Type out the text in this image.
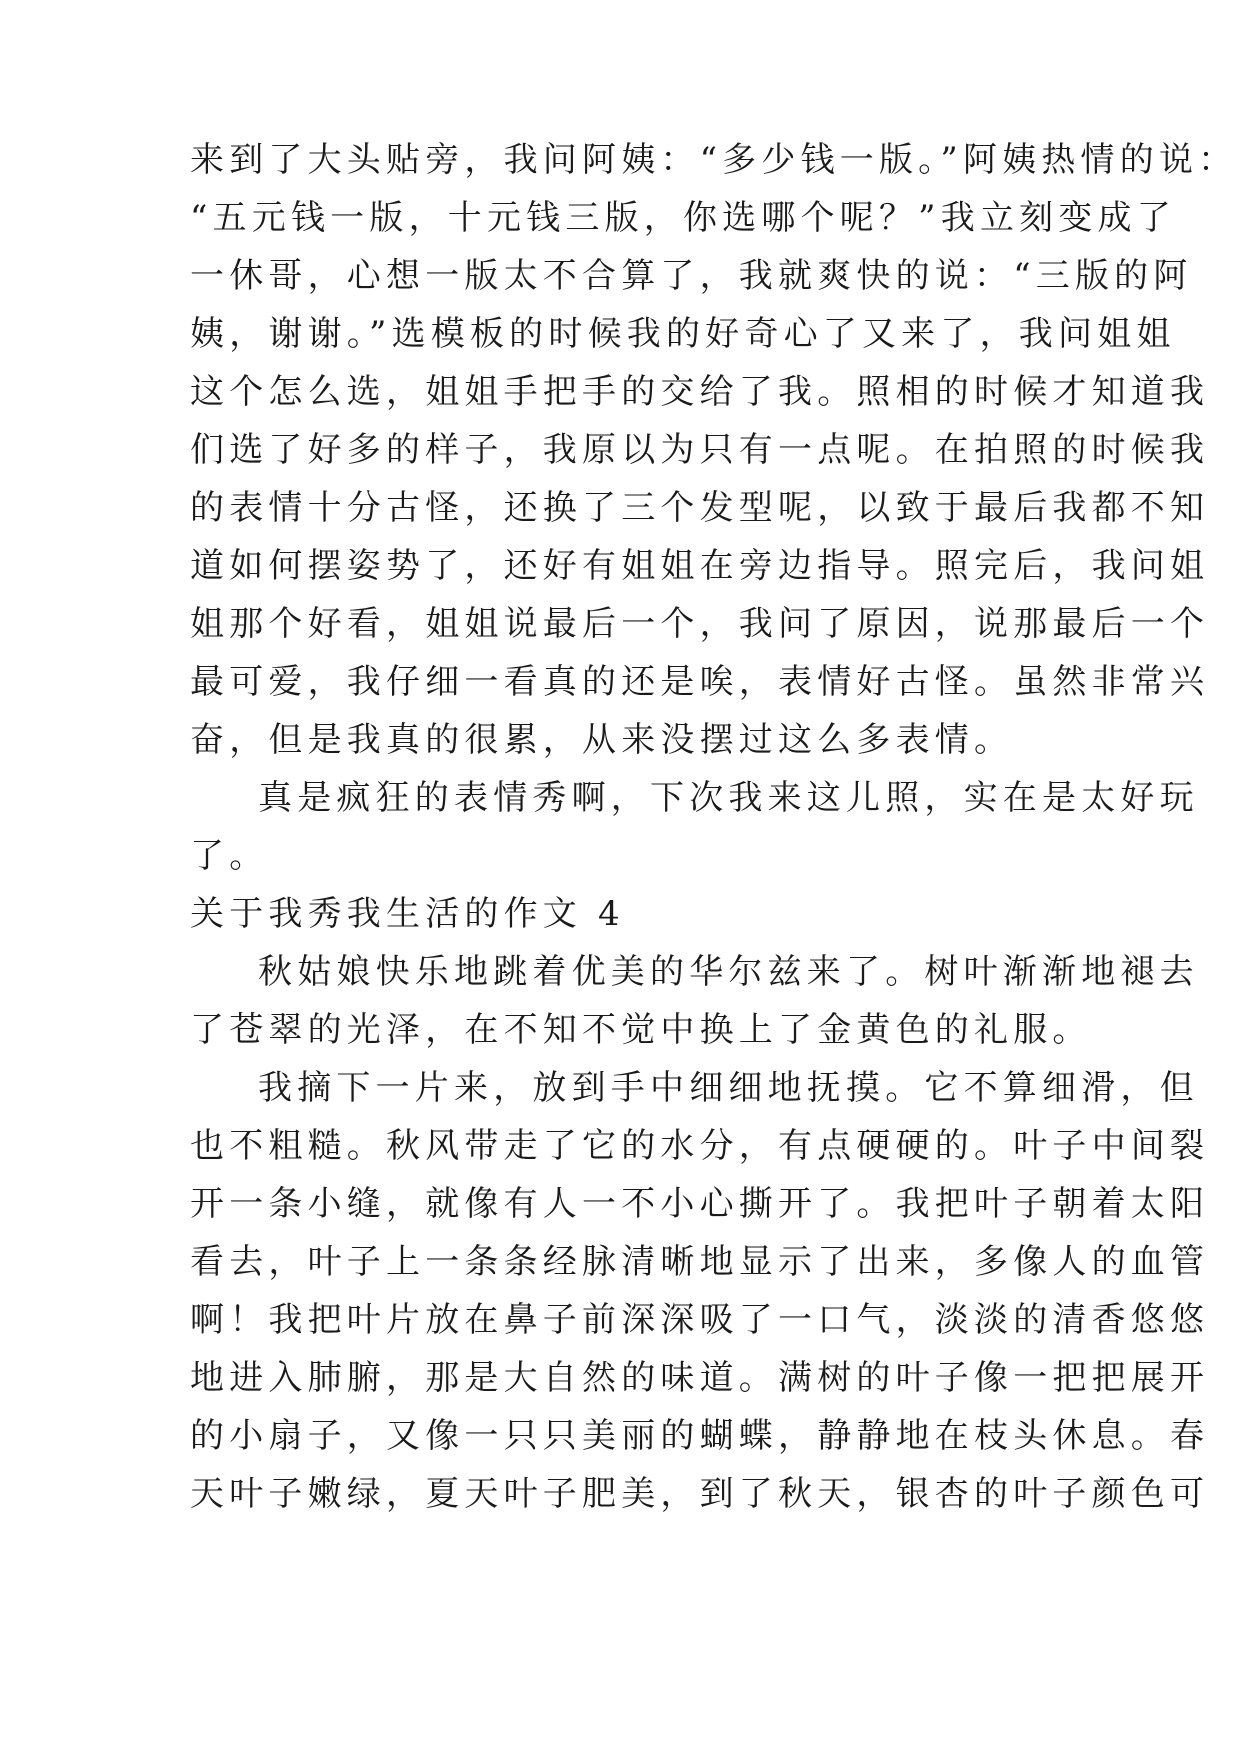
来到了大头贴旁，我问阿姨：“多少钱一版。”阿姨热情的说：
“五元钱一版，十元钱三版，你选哪个呢？”我立刻变成了
一休哥，心想一版太不合算了，我就爽快的说：“三版的阿
姨，谢谢。”选模板的时候我的好奇心了又来了，我问姐姐
这个怎么选，姐姐手把手的交给了我。照相的时候才知道我
们选了好多的样子，我原以为只有一点呢。在拍照的时候我
的表情十分古怪，还换了三个发型呢，以致于最后我都不知
道如何摆姿势了，还好有姐姐在旁边指导。照完后，我问姐
姐那个好看，姐姐说最后一个，我问了原因，说那最后一个
最可爱，我仔细一看真的还是唉，表情好古怪。虽然非常兴
奋，但是我真的很累，从来没摆过这么多表情。
真是疯狂的表情秀啊，下次我来这儿照，实在是太好玩
了。
关于我秀我生活的作文 4
秋姑娘快乐地跳着优美的华尔兹来了。树叶渐渐地褪去
了苍翠的光泽，在不知不觉中换上了金黄色的礼服。
我摘下一片来，放到手中细细地抚摸。它不算细滑，但
也不粗糙。秋风带走了它的水分，有点硬硬的。叶子中间裂
开一条小缝，就像有人一不小心撕开了。我把叶子朝着太阳
看去，叶子上一条条经脉清晰地显示了出来，多像人的血管
啊！我把叶片放在鼻子前深深吸了一口气，淡淡的清香悠悠
地进入肺腑，那是大自然的味道。满树的叶子像一把把展开
的小扇子，又像一只只美丽的蝴蝶，静静地在枝头休息。春
天叶子嫩绿，夏天叶子肥美，到了秋天，银杏的叶子颜色可
